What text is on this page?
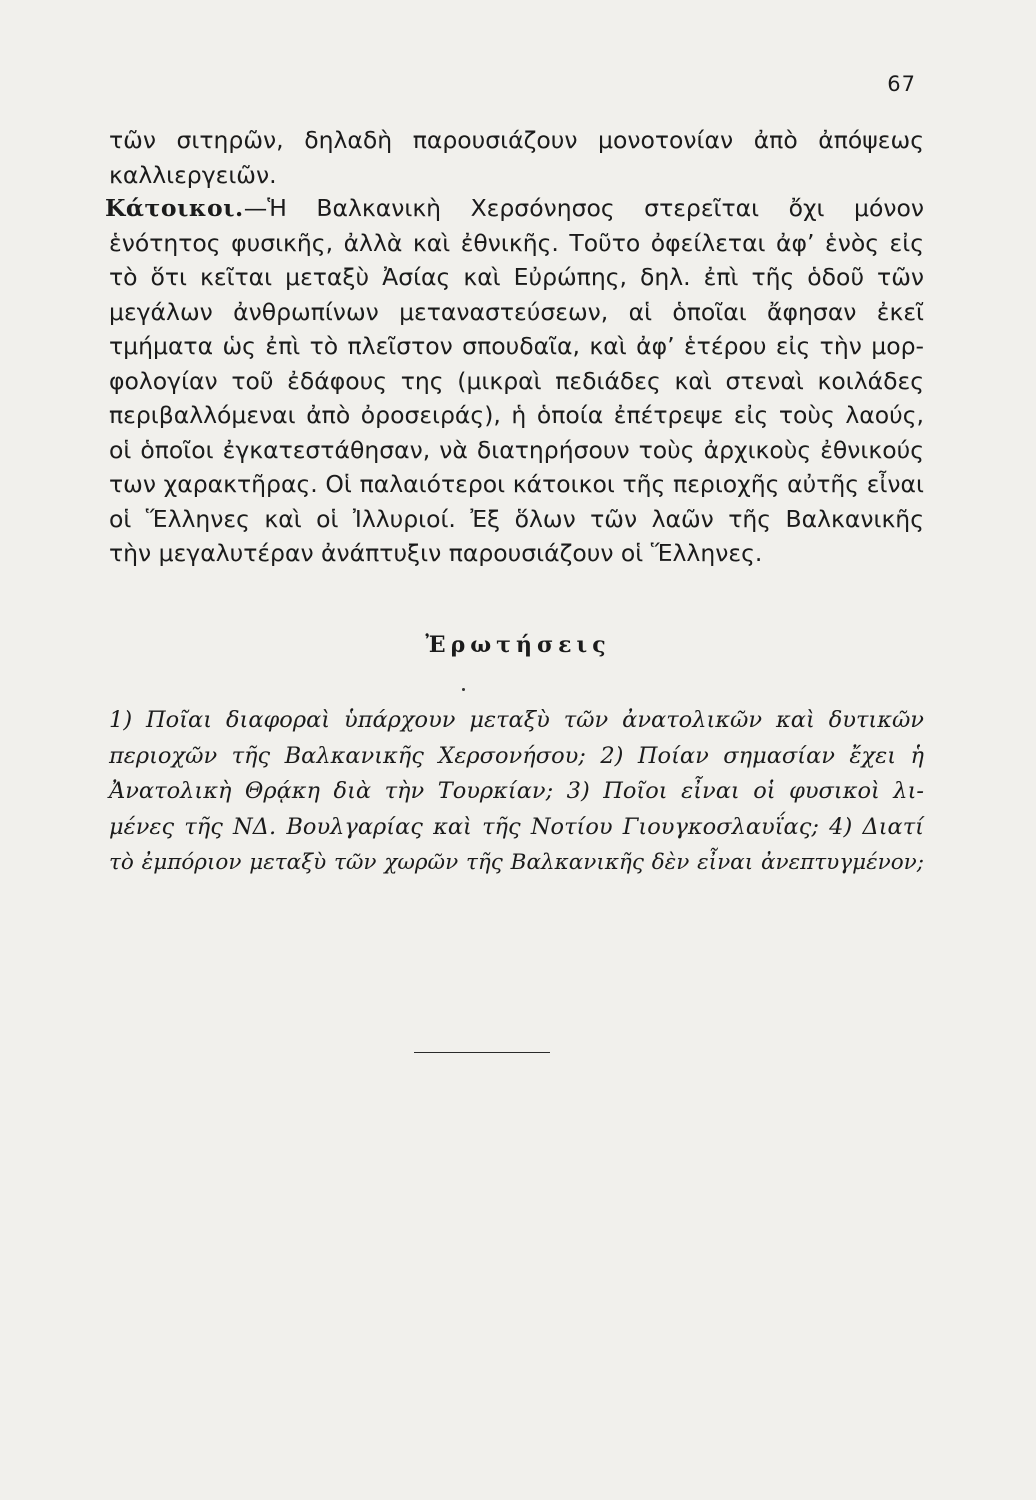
67
τῶν σιτηρῶν, δηλαδὴ παρουσιάζουν μονοτονίαν ἀπὸ ἀπόψεως
καλλιεργειῶν.
Κάτοικοι.—Ἡ Βαλκανικὴ Χερσόνησος στερεῖται ὄχι μόνον
ἑνότητος φυσικῆς, ἀλλὰ καὶ ἐθνικῆς. Τοῦτο ὀφείλεται ἀφ’ ἑνὸς εἰς
τὸ ὅτι κεῖται μεταξὺ Ἀσίας καὶ Εὐρώπης, δηλ. ἐπὶ τῆς ὁδοῦ τῶν
μεγάλων ἀνθρωπίνων μεταναστεύσεων, αἱ ὁποῖαι ἄφησαν ἐκεῖ
τμήματα ὡς ἐπὶ τὸ πλεῖστον σπουδαῖα, καὶ ἀφ’ ἑτέρου εἰς τὴν μορ-
φολογίαν τοῦ ἐδάφους της (μικραὶ πεδιάδες καὶ στεναὶ κοιλάδες
περιβαλλόμεναι ἀπὸ ὀροσειράς), ἡ ὁποία ἐπέτρεψε εἰς τοὺς λαούς,
οἱ ὁποῖοι ἐγκατεστάθησαν, νὰ διατηρήσουν τοὺς ἀρχικοὺς ἐθνικούς
των χαρακτῆρας. Οἱ παλαιότεροι κάτοικοι τῆς περιοχῆς αὐτῆς εἶναι
οἱ Ἕλληνες καὶ οἱ Ἰλλυριοί. Ἐξ ὅλων τῶν λαῶν τῆς Βαλκανικῆς
τὴν μεγαλυτέραν ἀνάπτυξιν παρουσιάζουν οἱ Ἕλληνες.
Ἐρωτήσεις
1) Ποῖαι διαφοραὶ ὑπάρχουν μεταξὺ τῶν ἀνατολικῶν καὶ δυτικῶν
περιοχῶν τῆς Βαλκανικῆς Χερσονήσου; 2) Ποίαν σημασίαν ἔχει ἡ
Ἀνατολικὴ Θρᾴκη διὰ τὴν Τουρκίαν; 3) Ποῖοι εἶναι οἱ φυσικοὶ λι-
μένες τῆς ΝΔ. Βουλγαρίας καὶ τῆς Νοτίου Γιουγκοσλαυΐας; 4) Διατί
τὸ ἐμπόριον μεταξὺ τῶν χωρῶν τῆς Βαλκανικῆς δὲν εἶναι ἀνεπτυγμένον;
